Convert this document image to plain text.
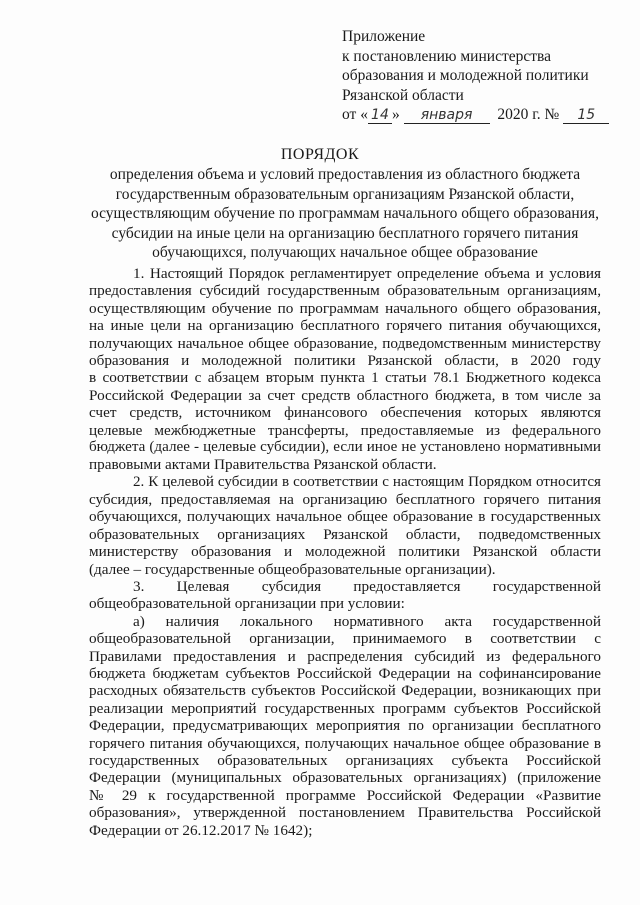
Приложение
к постановлению министерства
образования и молодежной политики
Рязанской области
от « 14 » января 2020 г. № 15
ПОРЯДОК
определения объема и условий предоставления из областного бюджета
государственным образовательным организациям Рязанской области,
осуществляющим обучение по программам начального общего образования,
субсидии на иные цели на организацию бесплатного горячего питания
обучающихся, получающих начальное общее образование
1. Настоящий Порядок регламентирует определение объема и условия
предоставления субсидий государственным образовательным организациям,
осуществляющим обучение по программам начального общего образования,
на иные цели на организацию бесплатного горячего питания обучающихся,
получающих начальное общее образование, подведомственным министерству
образования и молодежной политики Рязанской области, в 2020 году
в соответствии с абзацем вторым пункта 1 статьи 78.1 Бюджетного кодекса
Российской Федерации за счет средств областного бюджета, в том числе за
счет средств, источником финансового обеспечения которых являются
целевые межбюджетные трансферты, предоставляемые из федерального
бюджета (далее - целевые субсидии), если иное не установлено нормативными
правовыми актами Правительства Рязанской области.
2. К целевой субсидии в соответствии с настоящим Порядком относится
субсидия, предоставляемая на организацию бесплатного горячего питания
обучающихся, получающих начальное общее образование в государственных
образовательных организациях Рязанской области, подведомственных
министерству образования и молодежной политики Рязанской области
(далее – государственные общеобразовательные организации).
3. Целевая субсидия предоставляется государственной
общеобразовательной организации при условии:
а) наличия локального нормативного акта государственной
общеобразовательной организации, принимаемого в соответствии с
Правилами предоставления и распределения субсидий из федерального
бюджета бюджетам субъектов Российской Федерации на софинансирование
расходных обязательств субъектов Российской Федерации, возникающих при
реализации мероприятий государственных программ субъектов Российской
Федерации, предусматривающих мероприятия по организации бесплатного
горячего питания обучающихся, получающих начальное общее образование в
государственных образовательных организациях субъекта Российской
Федерации (муниципальных образовательных организациях) (приложение
№ 29 к государственной программе Российской Федерации «Развитие
образования», утвержденной постановлением Правительства Российской
Федерации от 26.12.2017 № 1642);
